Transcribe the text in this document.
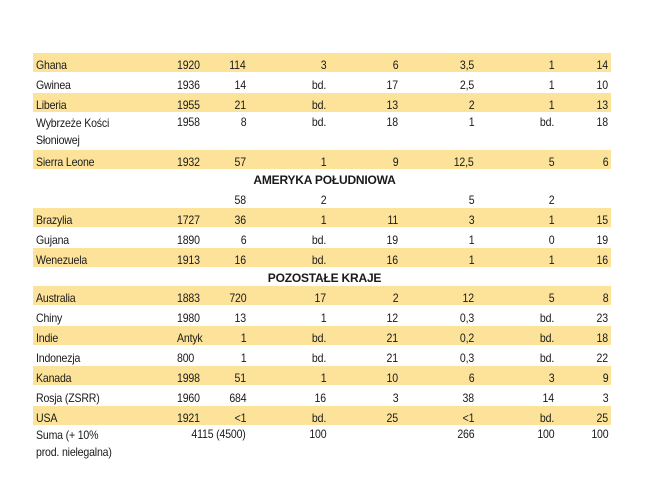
Ghana	1920	114	3	6	3,5	1	14
Gwinea	1936	14	bd.	17	2,5	1	10
Liberia	1955	21	bd.	13	2	1	13
Wybrzeże Kości Słoniowej	1958	8	bd.	18	1	bd.	18
Sierra Leone	1932	57	1	9	12,5	5	6
AMERYKA POŁUDNIOWA							
		58	2		5	2	
Brazylia	1727	36	1	11	3	1	15
Gujana	1890	6	bd.	19	1	0	19
Wenezuela	1913	16	bd.	16	1	1	16
POZOSTAŁE KRAJE							
Australia	1883	720	17	2	12	5	8
Chiny	1980	13	1	12	0,3	bd.	23
Indie	Antyk	1	bd.	21	0,2	bd.	18
Indonezja	800	1	bd.	21	0,3	bd.	22
Kanada	1998	51	1	10	6	3	9
Rosja (ZSRR)	1960	684	16	3	38	14	3
USA	1921	<1	bd.	25	<1	bd.	25
Suma (+ 10% prod. nielegalna)		4115 (4500)	100		266	100	100
